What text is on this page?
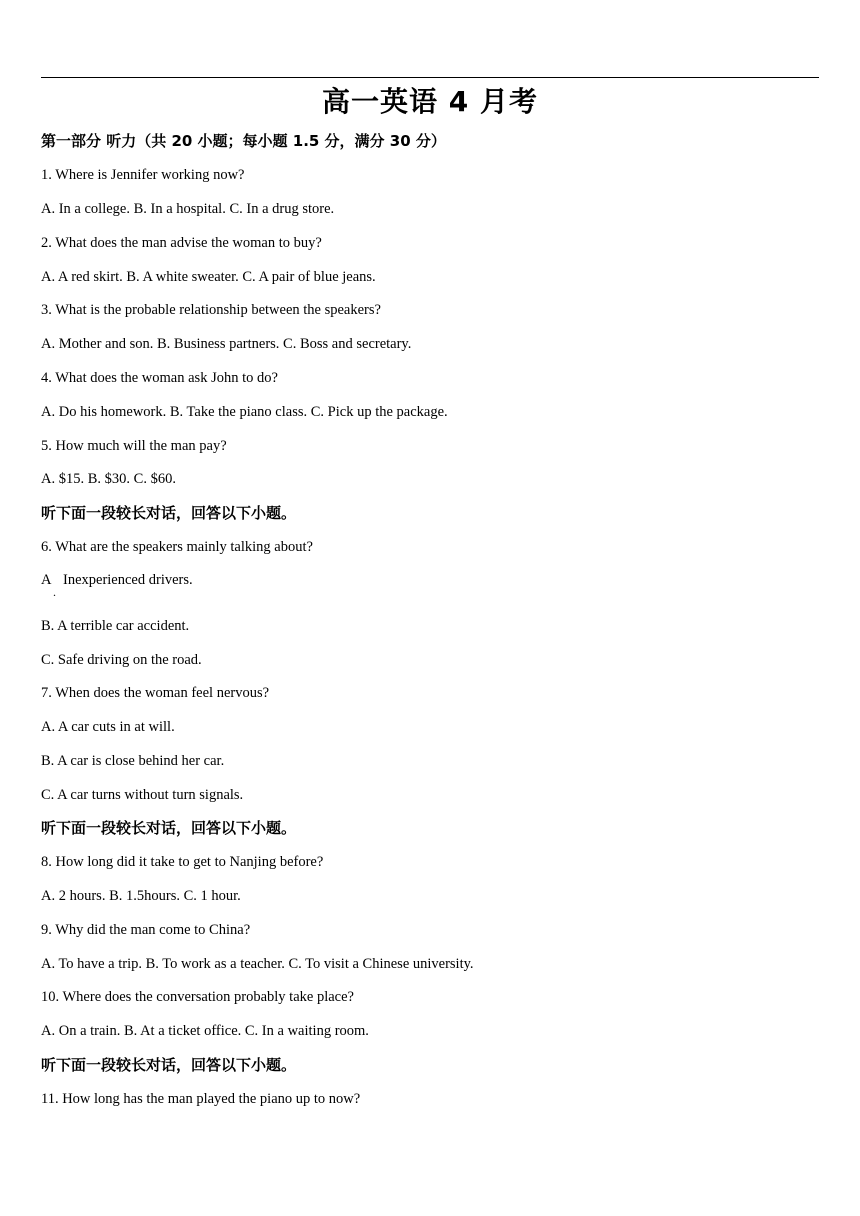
高一英语 4 月考
第一部分 听力（共 20 小题；每小题 1.5 分，满分 30 分）
1. Where is Jennifer working now?
A. In a college. B. In a hospital. C. In a drug store.
2. What does the man advise the woman to buy?
A. A red skirt. B. A white sweater. C. A pair of blue jeans.
3. What is the probable relationship between the speakers?
A. Mother and son. B. Business partners. C. Boss and secretary.
4. What does the woman ask John to do?
A. Do his homework. B. Take the piano class. C. Pick up the package.
5. How much will the man pay?
A. $15. B. $30. C. $60.
听下面一段较长对话，回答以下小题。
6. What are the speakers mainly talking about?
A
.
Inexperienced drivers.
B. A terrible car accident.
C. Safe driving on the road.
7. When does the woman feel nervous?
A. A car cuts in at will.
B. A car is close behind her car.
C. A car turns without turn signals.
听下面一段较长对话，回答以下小题。
8. How long did it take to get to Nanjing before?
A. 2 hours. B. 1.5hours. C. 1 hour.
9. Why did the man come to China?
A. To have a trip. B. To work as a teacher. C. To visit a Chinese university.
10. Where does the conversation probably take place?
A. On a train. B. At a ticket office. C. In a waiting room.
听下面一段较长对话，回答以下小题。
11. How long has the man played the piano up to now?
